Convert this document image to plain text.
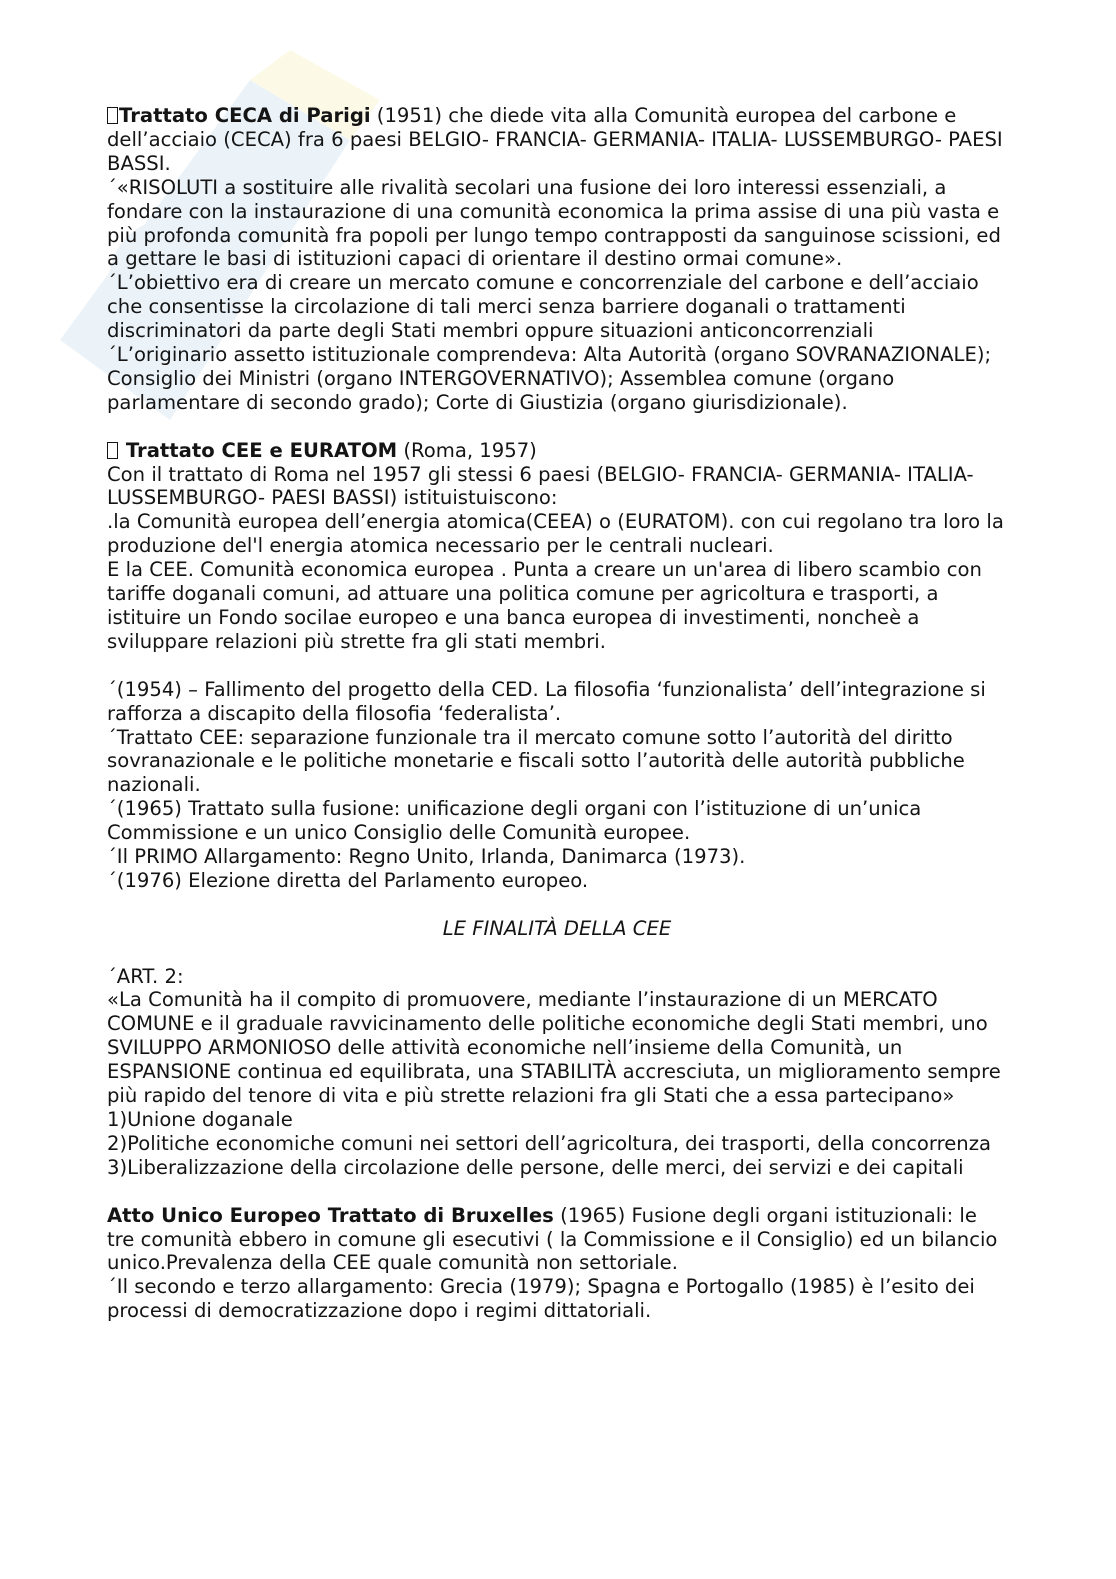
Trattato CECA di Parigi (1951) che diede vita alla Comunità europea del carbone e dell’acciaio (CECA) fra 6 paesi BELGIO- FRANCIA- GERMANIA- ITALIA- LUSSEMBURGO- PAESI BASSI.

´«RISOLUTI a sostituire alle rivalità secolari una fusione dei loro interessi essenziali, a fondare con la instaurazione di una comunità economica la prima assise di una più vasta e più profonda comunità fra popoli per lungo tempo contrapposti da sanguinose scissioni, ed a gettare le basi di istituzioni capaci di orientare il destino ormai comune».

´L’obiettivo era di creare un mercato comune e concorrenziale del carbone e dell’acciaio che consentisse la circolazione di tali merci senza barriere doganali o trattamenti discriminatori da parte degli Stati membri oppure situazioni anticoncorrenziali

´L’originario assetto istituzionale comprendeva: Alta Autorità (organo SOVRANAZIONALE); Consiglio dei Ministri (organo INTERGOVERNATIVO); Assemblea comune (organo parlamentare di secondo grado); Corte di Giustizia (organo giurisdizionale).

Trattato CEE e EURATOM (Roma, 1957)

Con il trattato di Roma nel 1957 gli stessi 6 paesi (BELGIO- FRANCIA- GERMANIA- ITALIA- LUSSEMBURGO- PAESI BASSI) istituistuiscono:

.la Comunità europea dell’energia atomica(CEEA) o (EURATOM). con cui regolano tra loro la produzione del'l energia atomica necessario per le centrali nucleari.

E la CEE. Comunità economica europea . Punta a creare un un'area di libero scambio con tariffe doganali comuni, ad attuare una politica comune per agricoltura e trasporti, a istituire un Fondo socilae europeo e una banca europea di investimenti, noncheè a sviluppare relazioni più strette fra gli stati membri.

´(1954) – Fallimento del progetto della CED. La filosofia ‘funzionalista’ dell’integrazione si rafforza a discapito della filosofia ‘federalista’.

´Trattato CEE: separazione funzionale tra il mercato comune sotto l’autorità del diritto sovranazionale e le politiche monetarie e fiscali sotto l’autorità delle autorità pubbliche nazionali.

´(1965) Trattato sulla fusione: unificazione degli organi con l’istituzione di un’unica Commissione e un unico Consiglio delle Comunità europee.

´Il PRIMO Allargamento: Regno Unito, Irlanda, Danimarca (1973).

´(1976) Elezione diretta del Parlamento europeo.

LE FINALITÀ DELLA CEE

´ART. 2:

«La Comunità ha il compito di promuovere, mediante l’instaurazione di un MERCATO COMUNE e il graduale ravvicinamento delle politiche economiche degli Stati membri, uno SVILUPPO ARMONIOSO delle attività economiche nell’insieme della Comunità, un ESPANSIONE continua ed equilibrata, una STABILITÀ accresciuta, un miglioramento sempre più rapido del tenore di vita e più strette relazioni fra gli Stati che a essa partecipano»

1)Unione doganale

2)Politiche economiche comuni nei settori dell’agricoltura, dei trasporti, della concorrenza

3)Liberalizzazione della circolazione delle persone, delle merci, dei servizi e dei capitali

Atto Unico Europeo Trattato di Bruxelles (1965) Fusione degli organi istituzionali: le tre comunità ebbero in comune gli esecutivi ( la Commissione e il Consiglio) ed un bilancio unico.Prevalenza della CEE quale comunità non settoriale.

´Il secondo e terzo allargamento: Grecia (1979); Spagna e Portogallo (1985) è l’esito dei processi di democratizzazione dopo i regimi dittatoriali.
